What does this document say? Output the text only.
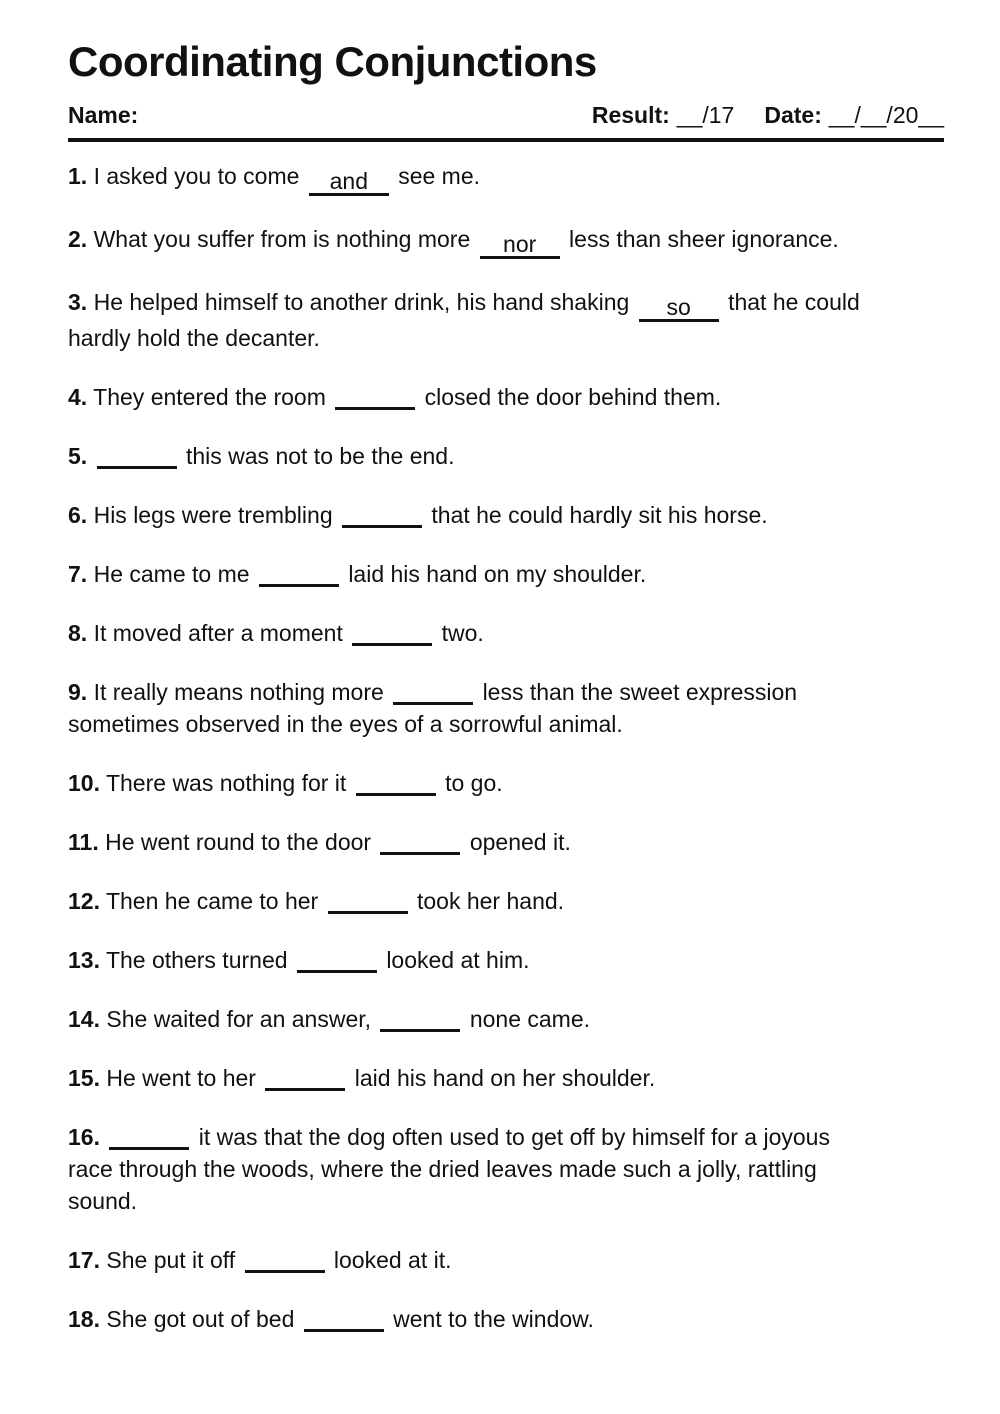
Coordinating Conjunctions
Name:	Result: __/17 Date: __/__/20__

1. I asked you to come and see me.

2. What you suffer from is nothing more nor less than sheer ignorance.

3. He helped himself to another drink, his hand shaking so that he could
hardly hold the decanter.

4. They entered the room	closed the door behind them.

5.	this was not to be the end.

6. His legs were trembling	that he could hardly sit his horse.

7. He came to me	laid his hand on my shoulder.

8. It moved after a moment	two.

9. It really means nothing more	less than the sweet expression
sometimes observed in the eyes of a sorrowful animal.

10. There was nothing for it	to go.

11. He went round to the door	opened it.

12. Then he came to her	took her hand.

13. The others turned	looked at him.

14. She waited for an answer,	none came.

15. He went to her	laid his hand on her shoulder.

16.	it was that the dog often used to get off by himself for a joyous
race through the woods, where the dried leaves made such a jolly, rattling
sound.

17. She put it off	looked at it.

18. She got out of bed	went to the window.
